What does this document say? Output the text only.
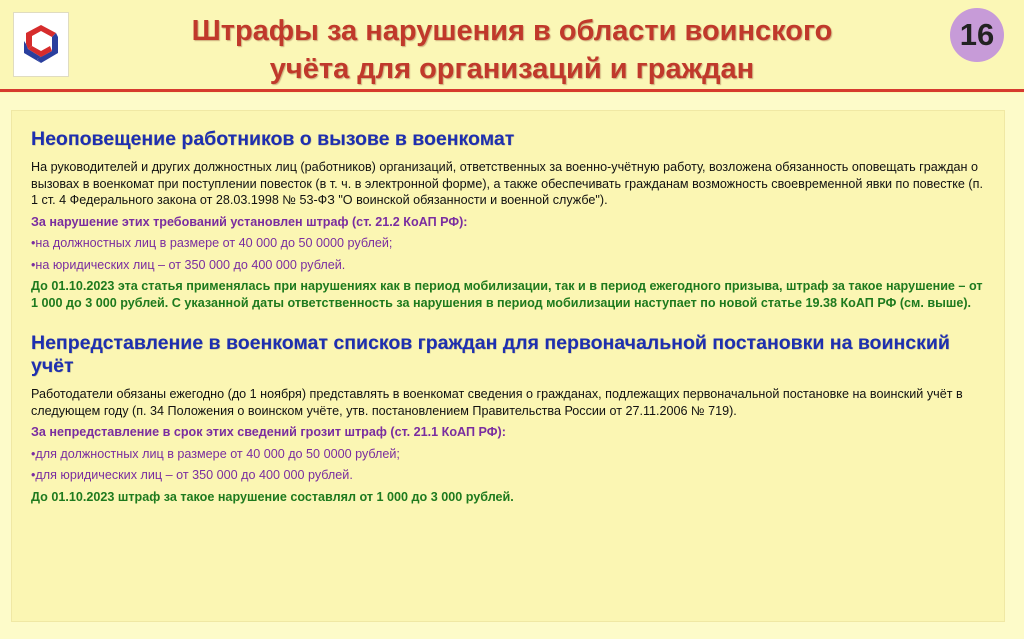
Штрафы за нарушения в области воинского
учёта для организаций и граждан
16
Неоповещение работников о вызове в военкомат
На руководителей и других должностных лиц (работников) организаций, ответственных за военно-учётную работу, возложена обязанность оповещать граждан о вызовах в военкомат при поступлении повесток (в т. ч. в электронной форме), а также обеспечивать гражданам возможность своевременной явки по повестке (п. 1 ст. 4 Федерального закона от 28.03.1998 № 53-ФЗ "О воинской обязанности и военной службе").
За нарушение этих требований установлен штраф (ст. 21.2 КоАП РФ):
•на должностных лиц в размере от 40 000 до 50 0000 рублей;
•на юридических лиц – от 350 000 до 400 000 рублей.
До 01.10.2023 эта статья применялась при нарушениях как в период мобилизации, так и в период ежегодного призыва, штраф за такое нарушение – от 1 000 до 3 000 рублей. С указанной даты ответственность за нарушения в период мобилизации наступает по новой статье 19.38 КоАП РФ (см. выше).
Непредставление в военкомат списков граждан для первоначальной постановки на воинский учёт
Работодатели обязаны ежегодно (до 1 ноября) представлять в военкомат сведения о гражданах, подлежащих первоначальной постановке на воинский учёт в следующем году (п. 34 Положения о воинском учёте, утв. постановлением Правительства России от 27.11.2006 № 719).
За непредставление в срок этих сведений грозит штраф (ст. 21.1 КоАП РФ):
•для должностных лиц в размере от 40 000 до 50 0000 рублей;
•для юридических лиц – от 350 000 до 400 000 рублей.
До 01.10.2023 штраф за такое нарушение составлял от 1 000 до 3 000 рублей.
